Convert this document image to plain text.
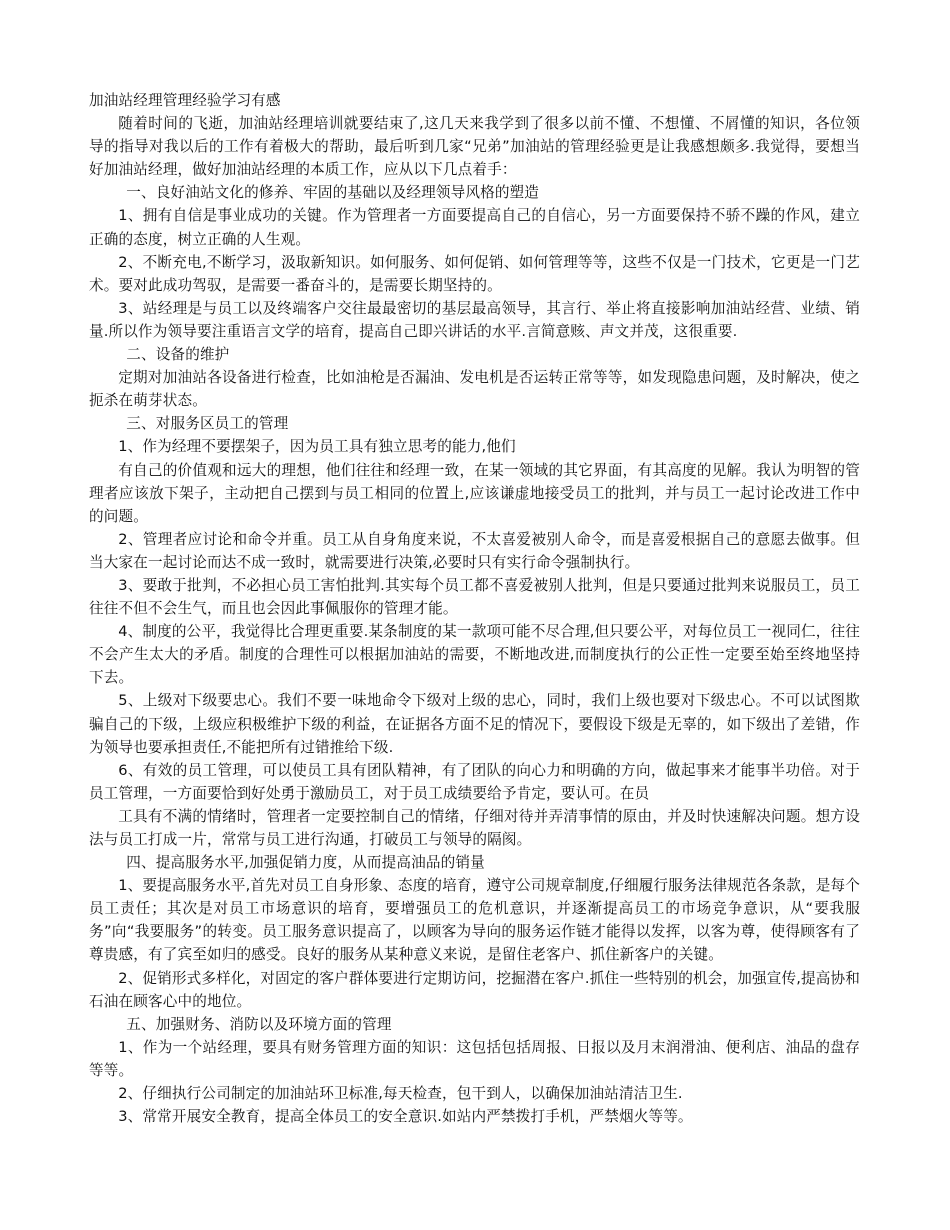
加油站经理管理经验学习有感

随着时间的飞逝，加油站经理培训就要结束了,这几天来我学到了很多以前不懂、不想懂、不屑懂的知识，各位领导的指导对我以后的工作有着极大的帮助，最后听到几家“兄弟”加油站的管理经验更是让我感想颇多.我觉得，要想当好加油站经理，做好加油站经理的本质工作，应从以下几点着手：

一、良好油站文化的修养、牢固的基础以及经理领导风格的塑造

1、拥有自信是事业成功的关键。作为管理者一方面要提高自己的自信心，另一方面要保持不骄不躁的作风，建立正确的态度，树立正确的人生观。

2、不断充电,不断学习，汲取新知识。如何服务、如何促销、如何管理等等，这些不仅是一门技术，它更是一门艺术。要对此成功驾驭，是需要一番奋斗的，是需要长期坚持的。

3、站经理是与员工以及终端客户交往最最密切的基层最高领导，其言行、举止将直接影响加油站经营、业绩、销量.所以作为领导要注重语言文学的培育，提高自己即兴讲话的水平.言简意赅、声文并茂，这很重要.

二、设备的维护

定期对加油站各设备进行检查，比如油枪是否漏油、发电机是否运转正常等等，如发现隐患问题，及时解决，使之扼杀在萌芽状态。

三、对服务区员工的管理

1、作为经理不要摆架子，因为员工具有独立思考的能力,他们

有自己的价值观和远大的理想，他们往往和经理一致，在某一领域的其它界面，有其高度的见解。我认为明智的管理者应该放下架子，主动把自己摆到与员工相同的位置上,应该谦虚地接受员工的批判，并与员工一起讨论改进工作中的问题。

2、管理者应讨论和命令并重。员工从自身角度来说，不太喜爱被别人命令，而是喜爱根据自己的意愿去做事。但当大家在一起讨论而达不成一致时，就需要进行决策,必要时只有实行命令强制执行。

3、要敢于批判，不必担心员工害怕批判.其实每个员工都不喜爱被别人批判，但是只要通过批判来说服员工，员工往往不但不会生气，而且也会因此事佩服你的管理才能。

4、制度的公平，我觉得比合理更重要.某条制度的某一款项可能不尽合理,但只要公平，对每位员工一视同仁，往往不会产生太大的矛盾。制度的合理性可以根据加油站的需要，不断地改进,而制度执行的公正性一定要至始至终地坚持下去。

5、上级对下级要忠心。我们不要一味地命令下级对上级的忠心，同时，我们上级也要对下级忠心。不可以试图欺骗自己的下级，上级应积极维护下级的利益，在证据各方面不足的情况下，要假设下级是无辜的，如下级出了差错，作为领导也要承担责任,不能把所有过错推给下级.

6、有效的员工管理，可以使员工具有团队精神，有了团队的向心力和明确的方向，做起事来才能事半功倍。对于员工管理，一方面要恰到好处勇于激励员工，对于员工成绩要给予肯定，要认可。在员

工具有不满的情绪时，管理者一定要控制自己的情绪，仔细对待并弄清事情的原由，并及时快速解决问题。想方设法与员工打成一片，常常与员工进行沟通，打破员工与领导的隔阂。

四、提高服务水平,加强促销力度，从而提高油品的销量

1、要提高服务水平,首先对员工自身形象、态度的培育，遵守公司规章制度,仔细履行服务法律规范各条款，是每个员工责任；其次是对员工市场意识的培育，要增强员工的危机意识，并逐渐提高员工的市场竞争意识，从“要我服务”向“我要服务”的转变。员工服务意识提高了，以顾客为导向的服务运作链才能得以发挥，以客为尊，使得顾客有了尊贵感，有了宾至如归的感受。良好的服务从某种意义来说，是留住老客户、抓住新客户的关键。

2、促销形式多样化，对固定的客户群体要进行定期访问，挖掘潜在客户.抓住一些特别的机会，加强宣传,提高协和石油在顾客心中的地位。

五、加强财务、消防以及环境方面的管理

1、作为一个站经理，要具有财务管理方面的知识：这包括包括周报、日报以及月末润滑油、便利店、油品的盘存等等。

2、仔细执行公司制定的加油站环卫标准,每天检查，包干到人，以确保加油站清洁卫生.

3、常常开展安全教育，提高全体员工的安全意识.如站内严禁拨打手机，严禁烟火等等。
